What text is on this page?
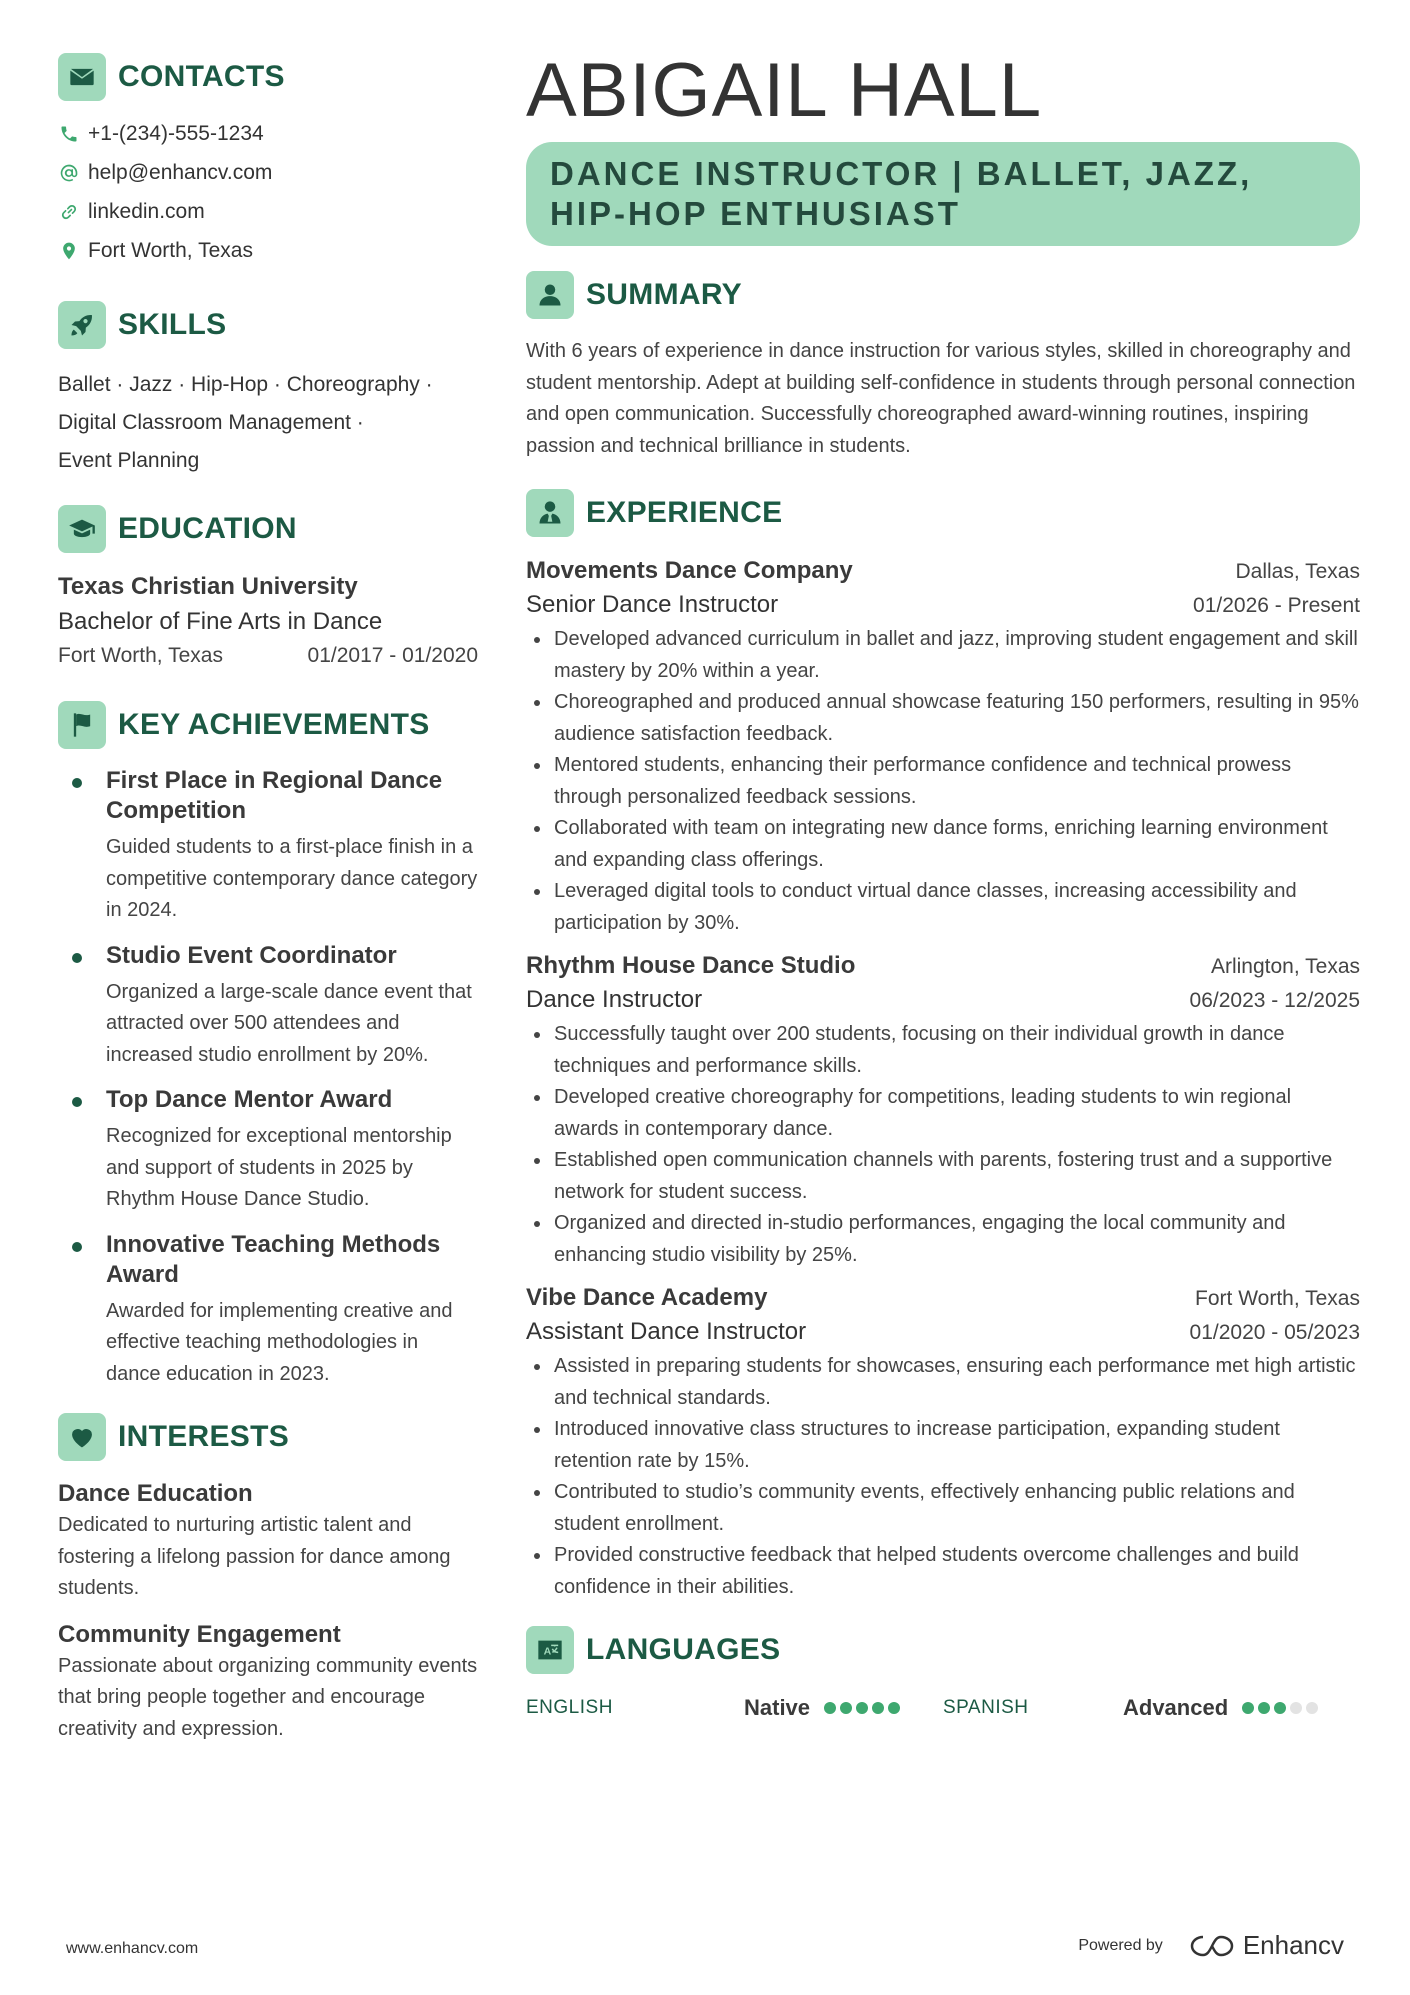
CONTACTS
+1-(234)-555-1234
help@enhancv.com
linkedin.com
Fort Worth, Texas
SKILLS
Ballet · Jazz · Hip-Hop · Choreography ·
Digital Classroom Management ·
Event Planning
EDUCATION
Texas Christian University
Bachelor of Fine Arts in Dance
Fort Worth, Texas	01/2017 - 01/2020
KEY ACHIEVEMENTS
First Place in Regional Dance Competition
Guided students to a first-place finish in a competitive contemporary dance category in 2024.
Studio Event Coordinator
Organized a large-scale dance event that attracted over 500 attendees and increased studio enrollment by 20%.
Top Dance Mentor Award
Recognized for exceptional mentorship and support of students in 2025 by Rhythm House Dance Studio.
Innovative Teaching Methods Award
Awarded for implementing creative and effective teaching methodologies in dance education in 2023.
INTERESTS
Dance Education
Dedicated to nurturing artistic talent and fostering a lifelong passion for dance among students.
Community Engagement
Passionate about organizing community events that bring people together and encourage creativity and expression.
ABIGAIL HALL
DANCE INSTRUCTOR | BALLET, JAZZ,
HIP-HOP ENTHUSIAST
SUMMARY
With 6 years of experience in dance instruction for various styles, skilled in choreography and student mentorship. Adept at building self-confidence in students through personal connection and open communication. Successfully choreographed award-winning routines, inspiring passion and technical brilliance in students.
EXPERIENCE
Movements Dance Company	Dallas, Texas
Senior Dance Instructor	01/2026 - Present
Developed advanced curriculum in ballet and jazz, improving student engagement and skill mastery by 20% within a year.
Choreographed and produced annual showcase featuring 150 performers, resulting in 95% audience satisfaction feedback.
Mentored students, enhancing their performance confidence and technical prowess through personalized feedback sessions.
Collaborated with team on integrating new dance forms, enriching learning environment and expanding class offerings.
Leveraged digital tools to conduct virtual dance classes, increasing accessibility and participation by 30%.
Rhythm House Dance Studio	Arlington, Texas
Dance Instructor	06/2023 - 12/2025
Successfully taught over 200 students, focusing on their individual growth in dance techniques and performance skills.
Developed creative choreography for competitions, leading students to win regional awards in contemporary dance.
Established open communication channels with parents, fostering trust and a supportive network for student success.
Organized and directed in-studio performances, engaging the local community and enhancing studio visibility by 25%.
Vibe Dance Academy	Fort Worth, Texas
Assistant Dance Instructor	01/2020 - 05/2023
Assisted in preparing students for showcases, ensuring each performance met high artistic and technical standards.
Introduced innovative class structures to increase participation, expanding student retention rate by 15%.
Contributed to studio’s community events, effectively enhancing public relations and student enrollment.
Provided constructive feedback that helped students overcome challenges and build confidence in their abilities.
A LANGUAGES
ENGLISH	Native	SPANISH	Advanced
www.enhancv.com	Powered by	Enhancv
